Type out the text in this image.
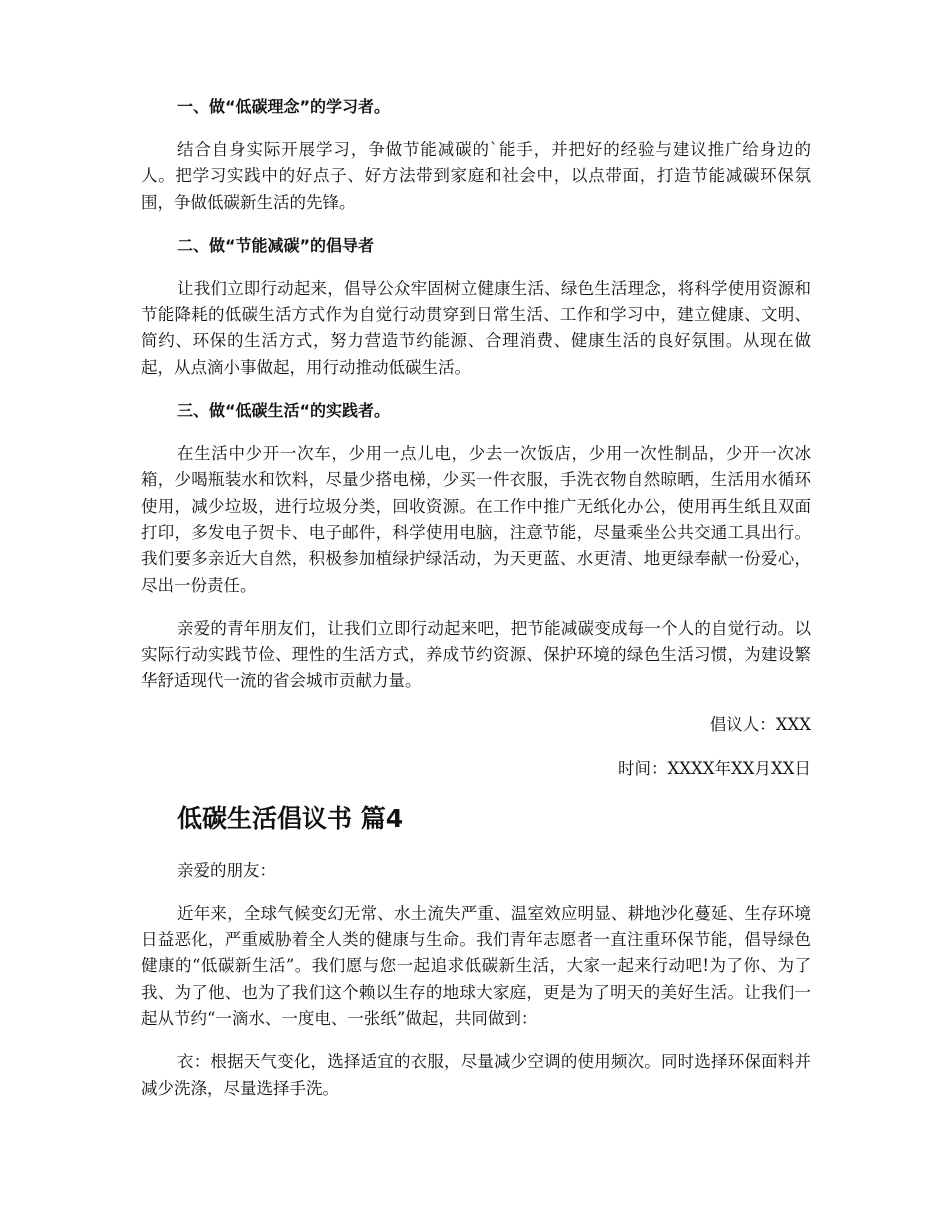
一、做“低碳理念”的学习者。

结合自身实际开展学习，争做节能减碳的`能手，并把好的经验与建议推广给身边的人。把学习实践中的好点子、好方法带到家庭和社会中，以点带面，打造节能减碳环保氛围，争做低碳新生活的先锋。

二、做“节能减碳”的倡导者

让我们立即行动起来，倡导公众牢固树立健康生活、绿色生活理念，将科学使用资源和节能降耗的低碳生活方式作为自觉行动贯穿到日常生活、工作和学习中，建立健康、文明、简约、环保的生活方式，努力营造节约能源、合理消费、健康生活的良好氛围。从现在做起，从点滴小事做起，用行动推动低碳生活。

三、做“低碳生活“的实践者。

在生活中少开一次车，少用一点儿电，少去一次饭店，少用一次性制品，少开一次冰箱，少喝瓶装水和饮料，尽量少搭电梯，少买一件衣服，手洗衣物自然晾晒，生活用水循环使用，减少垃圾，进行垃圾分类，回收资源。在工作中推广无纸化办公，使用再生纸且双面打印，多发电子贺卡、电子邮件，科学使用电脑，注意节能，尽量乘坐公共交通工具出行。我们要多亲近大自然，积极参加植绿护绿活动，为天更蓝、水更清、地更绿奉献一份爱心，尽出一份责任。

亲爱的青年朋友们，让我们立即行动起来吧，把节能减碳变成每一个人的自觉行动。以实际行动实践节俭、理性的生活方式，养成节约资源、保护环境的绿色生活习惯，为建设繁华舒适现代一流的省会城市贡献力量。

倡议人：XXX

时间：XXXX年XX月XX日

低碳生活倡议书 篇4

亲爱的朋友：

近年来，全球气候变幻无常、水土流失严重、温室效应明显、耕地沙化蔓延、生存环境日益恶化，严重威胁着全人类的健康与生命。我们青年志愿者一直注重环保节能，倡导绿色健康的“低碳新生活”。我们愿与您一起追求低碳新生活，大家一起来行动吧!为了你、为了我、为了他、也为了我们这个赖以生存的地球大家庭，更是为了明天的美好生活。让我们一起从节约“一滴水、一度电、一张纸”做起，共同做到：

衣：根据天气变化，选择适宜的衣服，尽量减少空调的使用频次。同时选择环保面料并减少洗涤，尽量选择手洗。
